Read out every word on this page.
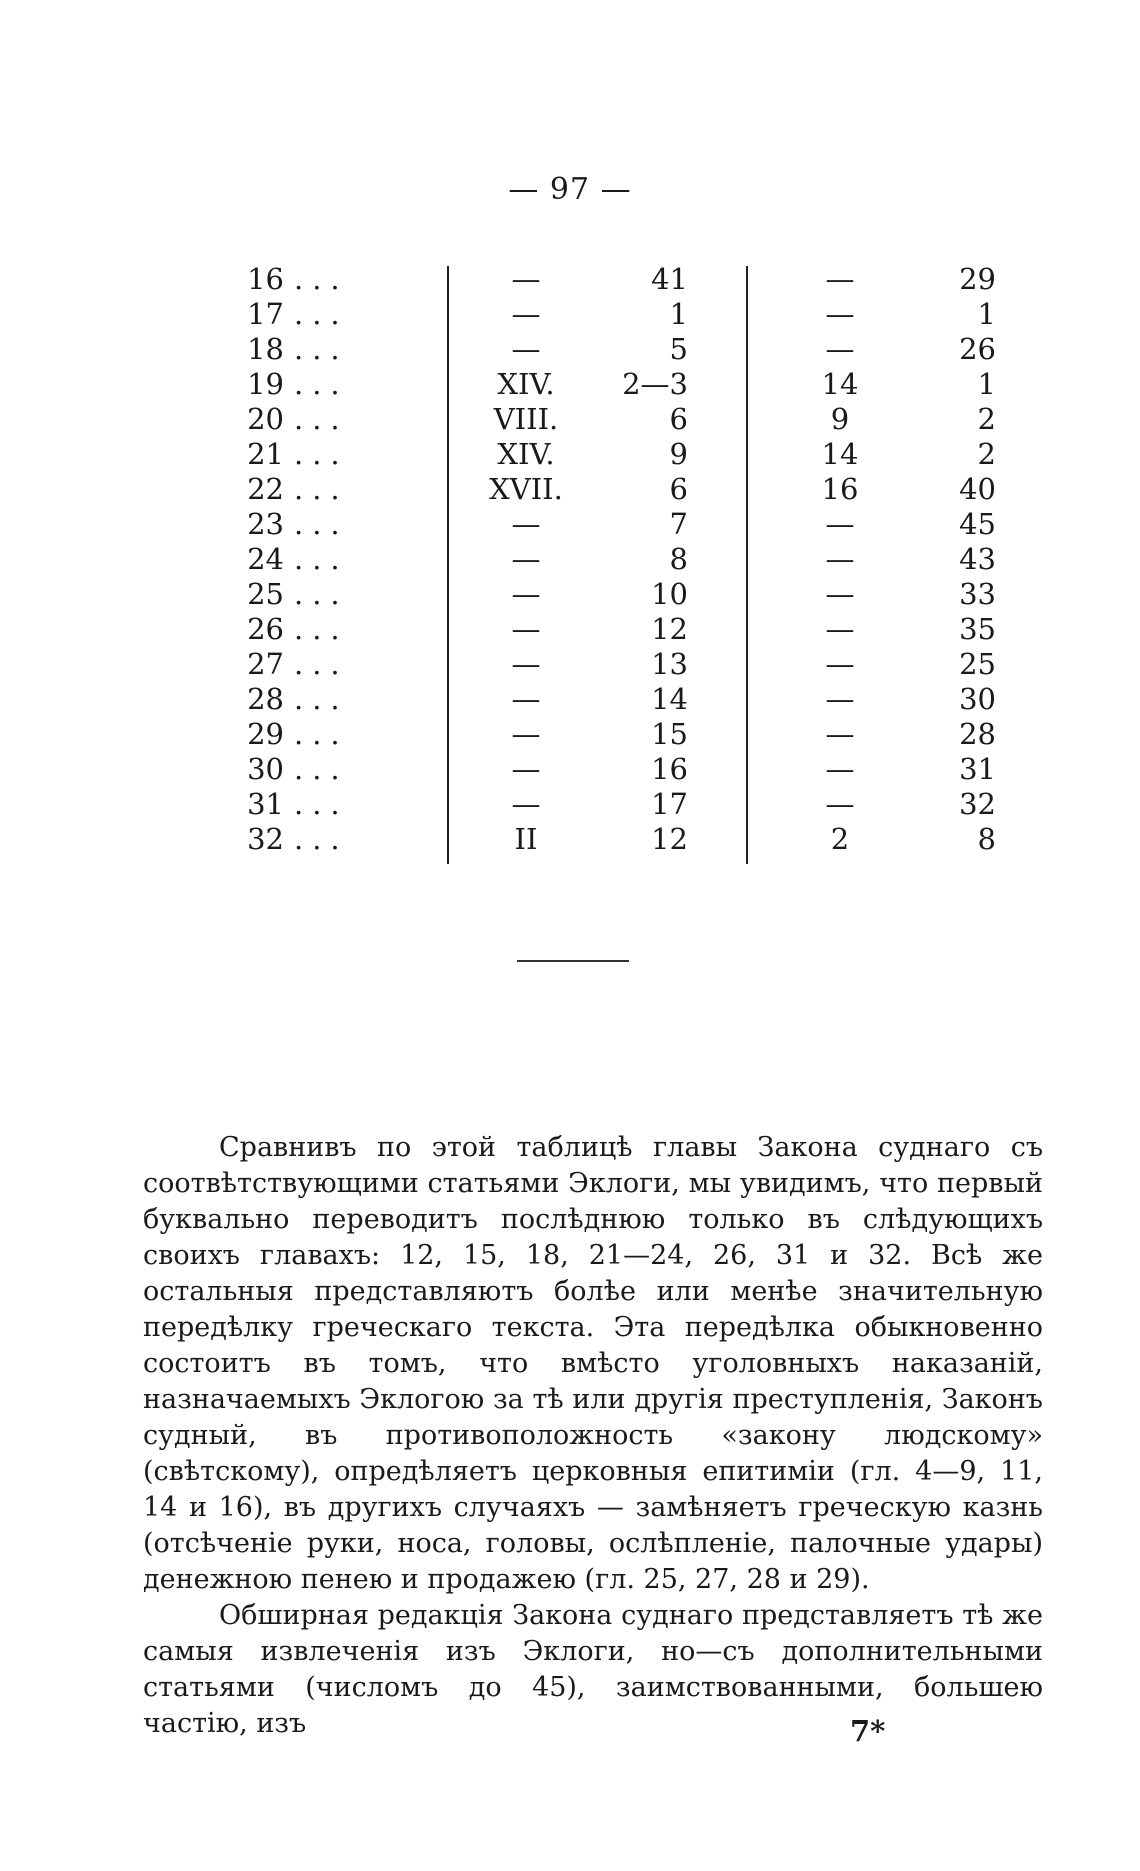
— 97 —
16 ...	—	41	—	29
17 ...	—	1	—	1
18 ...	—	5	—	26
19 ...	XIV.	2—3	14	1
20 ...	VIII.	6	9	2
21 ...	XIV.	9	14	2
22 ...	XVII.	6	16	40
23 ...	—	7	—	45
24 ...	—	8	—	43
25 ...	—	10	—	33
26 ...	—	12	—	35
27 ...	—	13	—	25
28 ...	—	14	—	30
29 ...	—	15	—	28
30 ...	—	16	—	31
31 ...	—	17	—	32
32 ...	II	12	2	8

Сравнивъ по этой таблицѣ главы Закона суднаго съ соотвѣтствующими статьями Эклоги, мы увидимъ, что первый буквально переводитъ послѣднюю только въ слѣдующихъ своихъ главахъ: 12, 15, 18, 21—24, 26, 31 и 32. Всѣ же остальныя представляютъ болѣе или менѣе значительную передѣлку греческаго текста. Эта передѣлка обыкновенно состоитъ въ томъ, что вмѣсто уголовныхъ наказаній, назначаемыхъ Эклогою за тѣ или другія преступленія, Законъ судный, въ противоположность «закону людскому» (свѣтскому), опредѣляетъ церковныя епитиміи (гл. 4—9, 11, 14 и 16), въ другихъ случаяхъ — замѣняетъ греческую казнь (отсѣченіе руки, носа, головы, ослѣпленіе, палочные удары) денежною пенею и продажею (гл. 25, 27, 28 и 29).

Обширная редакція Закона суднаго представляетъ тѣ же самыя извлеченія изъ Эклоги, но—съ дополнительными статьями (числомъ до 45), заимствованными, большею частію, изъ	7*
